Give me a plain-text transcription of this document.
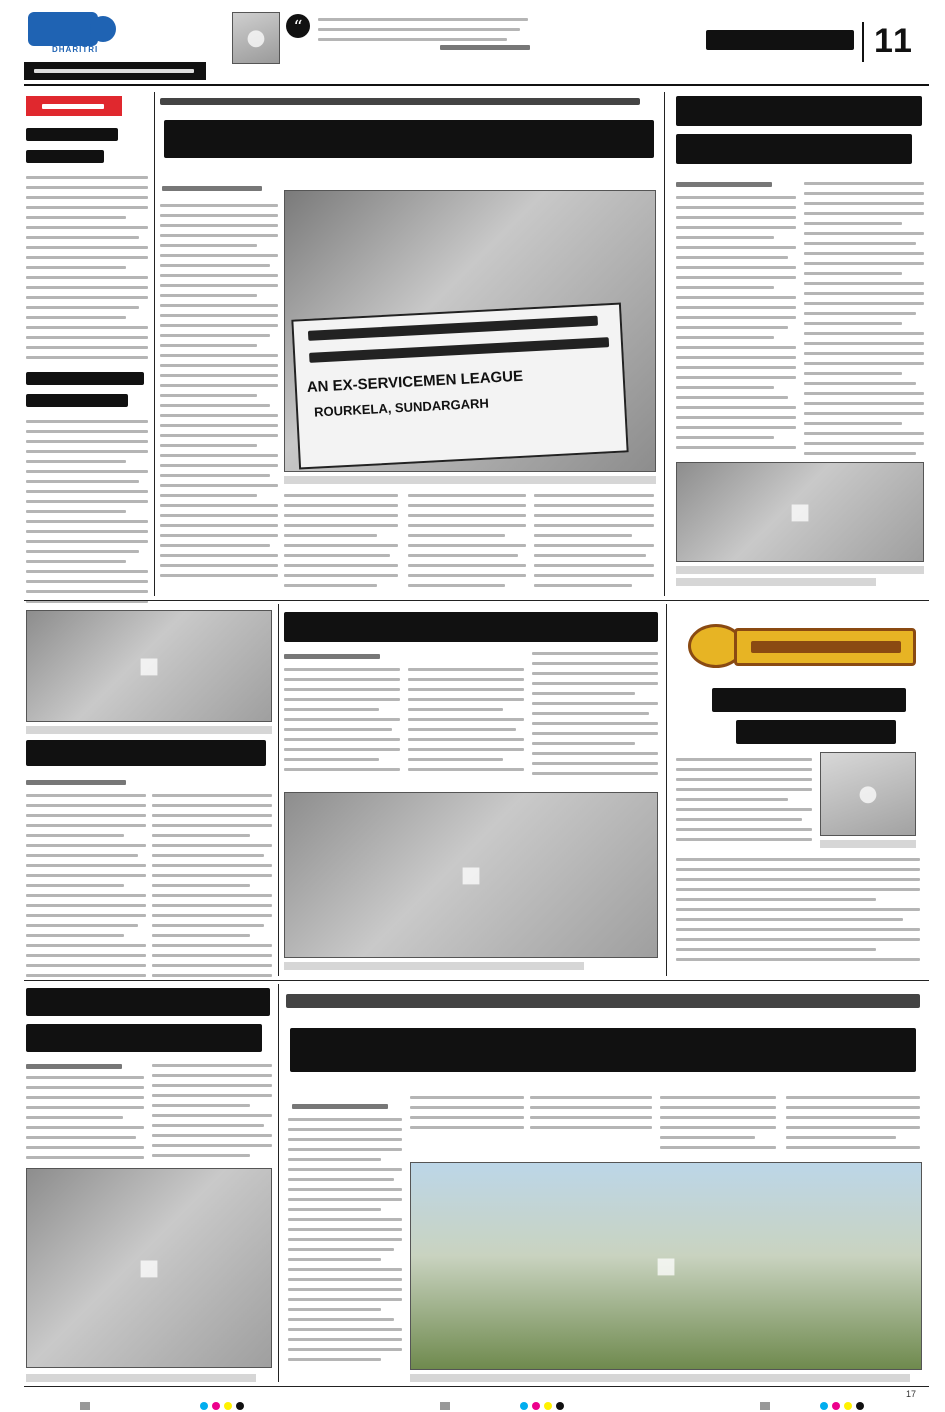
DHARITRI	●	“	11
AN EX-SERVICEMEN LEAGUE
ROURKELA, SUNDARGARH
■
■
■
●
■	■
17
